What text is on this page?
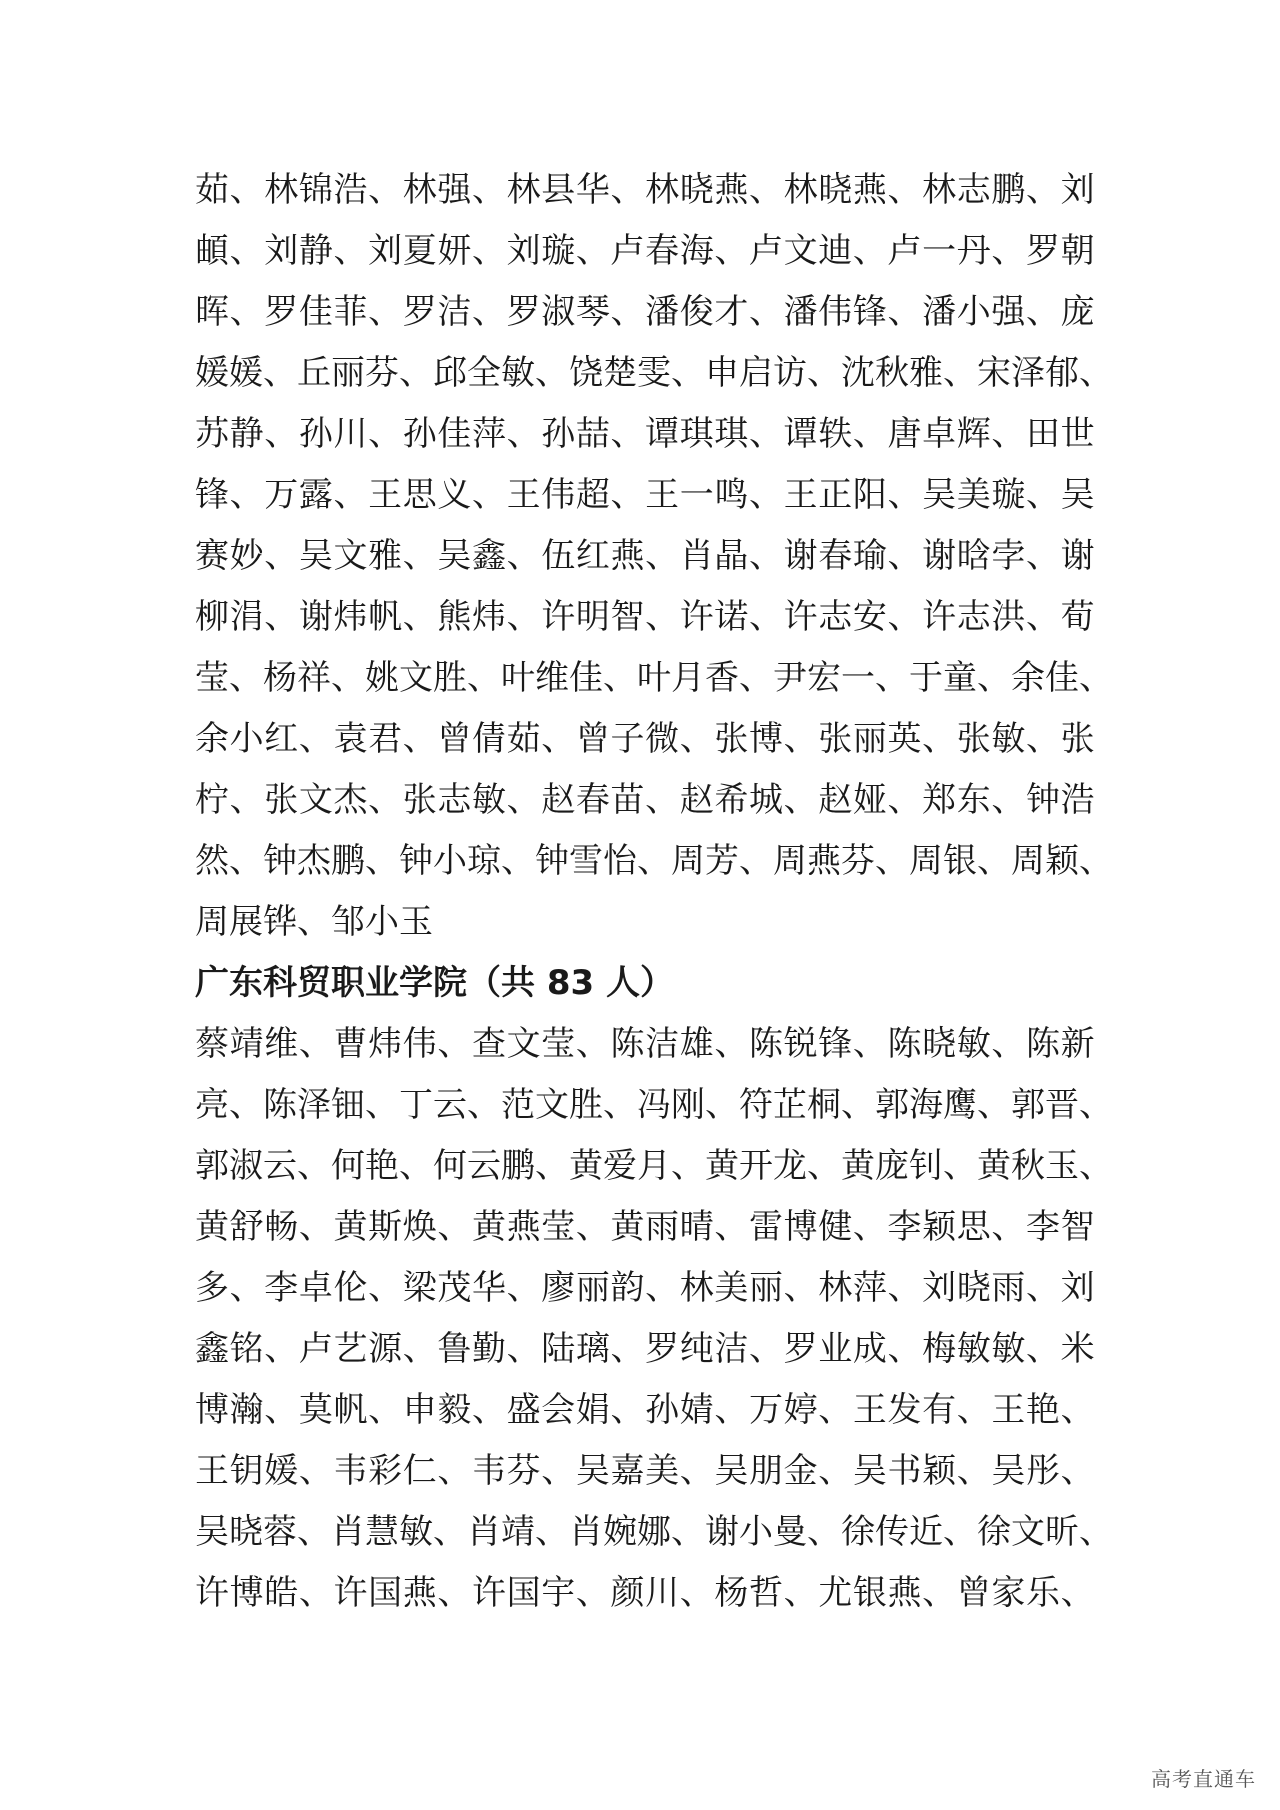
茹 、 林 锦 浩 、 林 强 、 林 县 华 、 林 晓 燕 、 林 晓 燕 、 林 志 鹏 、 刘
頔 、 刘 静 、 刘 夏 妍 、 刘 璇 、 卢 春 海 、 卢 文 迪 、 卢 一 丹 、 罗 朝
晖 、 罗 佳 菲 、 罗 洁 、 罗 淑 琴 、 潘 俊 才 、 潘 伟 锋 、 潘 小 强 、 庞
媛 媛 、 丘 丽 芬 、 邱 全 敏 、 饶 楚 雯 、 申 启 访 、 沈 秋 雅 、 宋 泽 郁 、
苏 静 、 孙 川 、 孙 佳 萍 、 孙 喆 、 谭 琪 琪 、 谭 轶 、 唐 卓 辉 、 田 世
锋 、 万 露 、 王 思 义 、 王 伟 超 、 王 一 鸣 、 王 正 阳 、 吴 美 璇 、 吴
赛 妙 、 吴 文 雅 、 吴 鑫 、 伍 红 燕 、 肖 晶 、 谢 春 瑜 、 谢 晗 孛 、 谢
柳 涓 、 谢 炜 帆 、 熊 炜 、 许 明 智 、 许 诺 、 许 志 安 、 许 志 洪 、 荀
莹 、 杨 祥 、 姚 文 胜 、 叶 维 佳 、 叶 月 香 、 尹 宏 一 、 于 童 、 余 佳 、
余 小 红 、 袁 君 、 曾 倩 茹 、 曾 子 微 、 张 博 、 张 丽 英 、 张 敏 、 张
柠 、 张 文 杰 、 张 志 敏 、 赵 春 苗 、 赵 希 城 、 赵 娅 、 郑 东 、 钟 浩
然 、 钟 杰 鹏 、 钟 小 琼 、 钟 雪 怡 、 周 芳 、 周 燕 芬 、 周 银 、 周 颖 、
周展铧、邹小玉
广东科贸职业学院（共 83 人）
蔡 靖 维 、 曹 炜 伟 、 查 文 莹 、 陈 洁 雄 、 陈 锐 锋 、 陈 晓 敏 、 陈 新
亮 、 陈 泽 钿 、 丁 云 、 范 文 胜 、 冯 刚 、 符 芷 桐 、 郭 海 鹰 、 郭 晋 、
郭 淑 云 、 何 艳 、 何 云 鹏 、 黄 爱 月 、 黄 开 龙 、 黄 庞 钊 、 黄 秋 玉 、
黄 舒 畅 、 黄 斯 焕 、 黄 燕 莹 、 黄 雨 晴 、 雷 博 健 、 李 颖 思 、 李 智
多 、 李 卓 伦 、 梁 茂 华 、 廖 丽 韵 、 林 美 丽 、 林 萍 、 刘 晓 雨 、 刘
鑫 铭 、 卢 艺 源 、 鲁 勤 、 陆 璃 、 罗 纯 洁 、 罗 业 成 、 梅 敏 敏 、 米
博 瀚 、 莫 帆 、 申 毅 、 盛 会 娟 、 孙 婧 、 万 婷 、 王 发 有 、 王 艳 、
王 钥 媛 、 韦 彩 仁 、 韦 芬 、 吴 嘉 美 、 吴 朋 金 、 吴 书 颖 、 吴 彤 、
吴 晓 蓉 、 肖 慧 敏 、 肖 靖 、 肖 婉 娜 、 谢 小 曼 、 徐 传 近 、 徐 文 昕 、
许 博 皓 、 许 国 燕 、 许 国 宇 、 颜 川 、 杨 哲 、 尤 银 燕 、 曾 家 乐 、
高考直通车
